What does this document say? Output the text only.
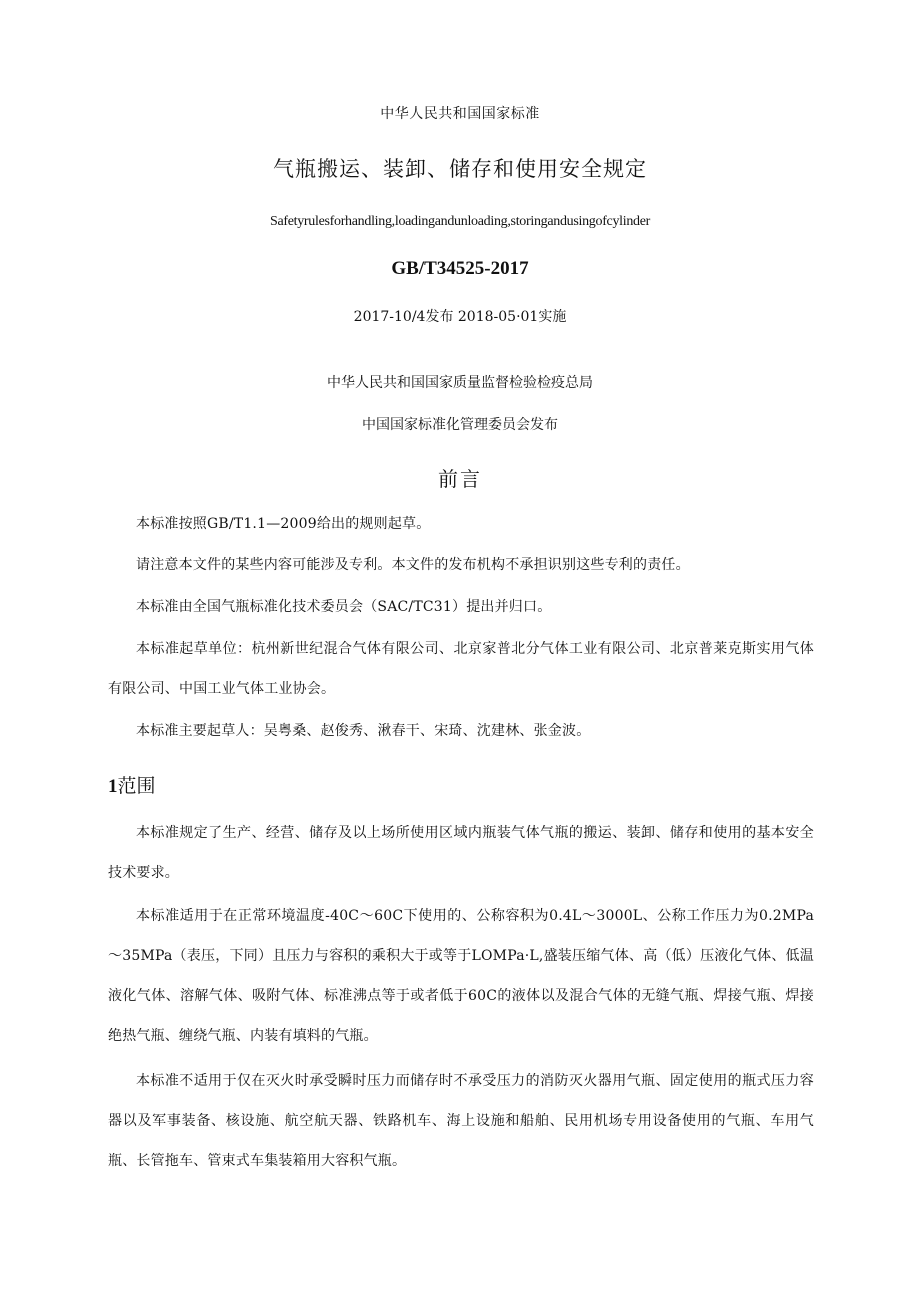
中华人民共和国国家标准
气瓶搬运、装卸、储存和使用安全规定
Safetyrulesforhandling,loadingandunloading,storingandusingofcylinder
GB/T34525-2017
2017-10/4发布 2018-05·01实施
中华人民共和国国家质量监督检验检疫总局
中国国家标准化管理委员会发布
前言

本标准按照GB/T1.1—2009给出的规则起草。

请注意本文件的某些内容可能涉及专利。本文件的发布机构不承担识别这些专利的责任。

本标准由全国气瓶标准化技术委员会（SAC/TC31）提出并归口。

本标准起草单位：杭州新世纪混合气体有限公司、北京家普北分气体工业有限公司、北京普莱克斯实用气体有限公司、中国工业气体工业协会。

本标准主要起草人：吴粤桑、赵俊秀、湫春干、宋琦、沈建林、张金波。

1范围

本标准规定了生产、经营、储存及以上场所使用区域内瓶装气体气瓶的搬运、装卸、储存和使用的基本安全技术要求。

本标准适用于在正常环境温度-40C～60C下使用的、公称容积为0.4L～3000L、公称工作压力为0.2MPa～35MPa（表压，下同）且压力与容积的乘积大于或等于LOMPa·L,盛装压缩气体、高（低）压液化气体、低温液化气体、溶解气体、吸附气体、标准沸点等于或者低于60C的液体以及混合气体的无缝气瓶、焊接气瓶、焊接绝热气瓶、缠绕气瓶、内装有填料的气瓶。

本标准不适用于仅在灭火时承受瞬时压力而储存时不承受压力的消防灭火器用气瓶、固定使用的瓶式压力容器以及军事装备、核设施、航空航天器、铁路机车、海上设施和船舶、民用机场专用设备使用的气瓶、车用气瓶、长管拖车、管束式车集装箱用大容积气瓶。
